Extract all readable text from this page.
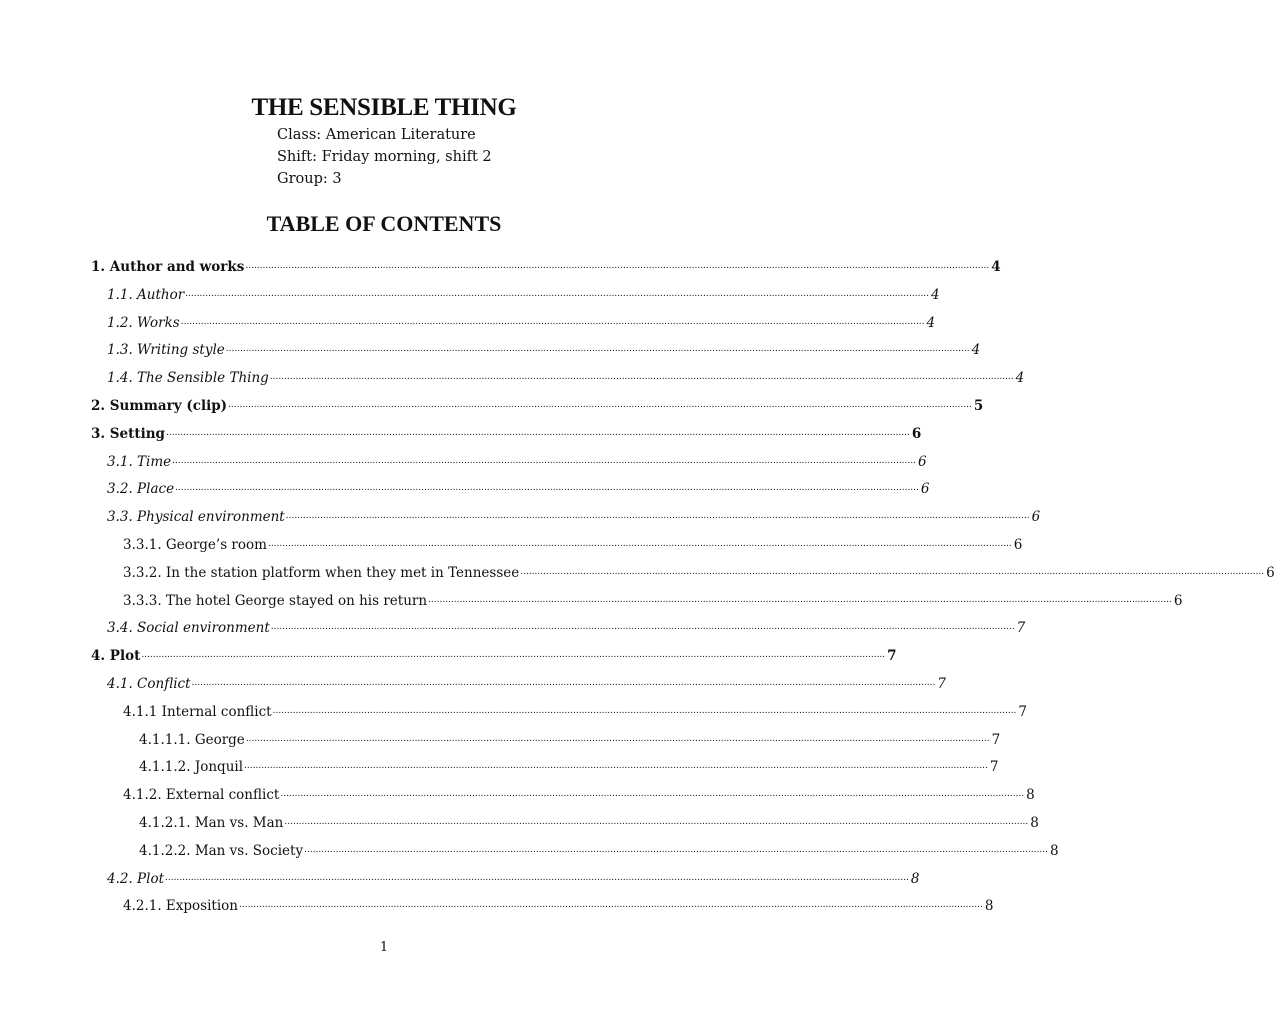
THE SENSIBLE THING
Class: American Literature
Shift: Friday morning, shift 2
Group: 3
TABLE OF CONTENTS
1. Author and works .................................................................................................................................................................................................................................................................... 4
1.1. Author .................................................................................................................................................................................................................................................................... 4
1.2. Works .................................................................................................................................................................................................................................................................... 4
1.3. Writing style .................................................................................................................................................................................................................................................................... 4
1.4. The Sensible Thing .................................................................................................................................................................................................................................................................... 4
2. Summary (clip) .................................................................................................................................................................................................................................................................... 5
3. Setting .................................................................................................................................................................................................................................................................... 6
3.1. Time .................................................................................................................................................................................................................................................................... 6
3.2. Place .................................................................................................................................................................................................................................................................... 6
3.3. Physical environment .................................................................................................................................................................................................................................................................... 6
3.3.1. George’s room .................................................................................................................................................................................................................................................................... 6
3.3.2. In the station platform when they met in Tennessee .................................................................................................................................................................................................................................................................... 6
3.3.3. The hotel George stayed on his return .................................................................................................................................................................................................................................................................... 6
3.4. Social environment .................................................................................................................................................................................................................................................................... 7
4. Plot .................................................................................................................................................................................................................................................................... 7
4.1. Conflict .................................................................................................................................................................................................................................................................... 7
4.1.1 Internal conflict .................................................................................................................................................................................................................................................................... 7
4.1.1.1. George .................................................................................................................................................................................................................................................................... 7
4.1.1.2. Jonquil .................................................................................................................................................................................................................................................................... 7
4.1.2. External conflict .................................................................................................................................................................................................................................................................... 8
4.1.2.1. Man vs. Man .................................................................................................................................................................................................................................................................... 8
4.1.2.2. Man vs. Society .................................................................................................................................................................................................................................................................... 8
4.2. Plot .................................................................................................................................................................................................................................................................... 8
4.2.1. Exposition .................................................................................................................................................................................................................................................................... 8
1
